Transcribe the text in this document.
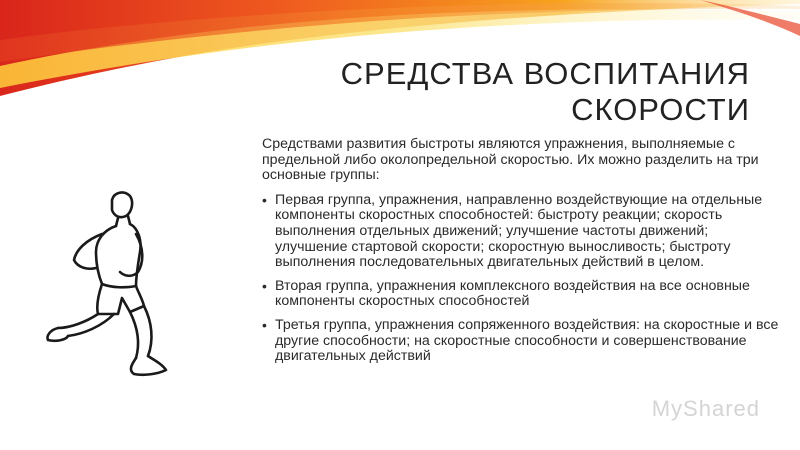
СРЕДСТВА ВОСПИТАНИЯ
СКОРОСТИ

Средствами развития быстроты являются упражнения, выполняемые с предельной либо околопредельной скоростью. Их можно разделить на три основные группы:

• Первая группа, упражнения, направленно воздействующие на отдельные компоненты скоростных способностей: быстроту реакции; скорость выполнения отдельных движений; улучшение частоты движений; улучшение стартовой скорости; скоростную выносливость; быстроту выполнения последовательных двигательных действий в целом.
• Вторая группа, упражнения комплексного воздействия на все основные компоненты скоростных способностей
• Третья группа, упражнения сопряженного воздействия: на скоростные и все другие способности; на скоростные способности и совершенствование двигательных действий
MyShared
